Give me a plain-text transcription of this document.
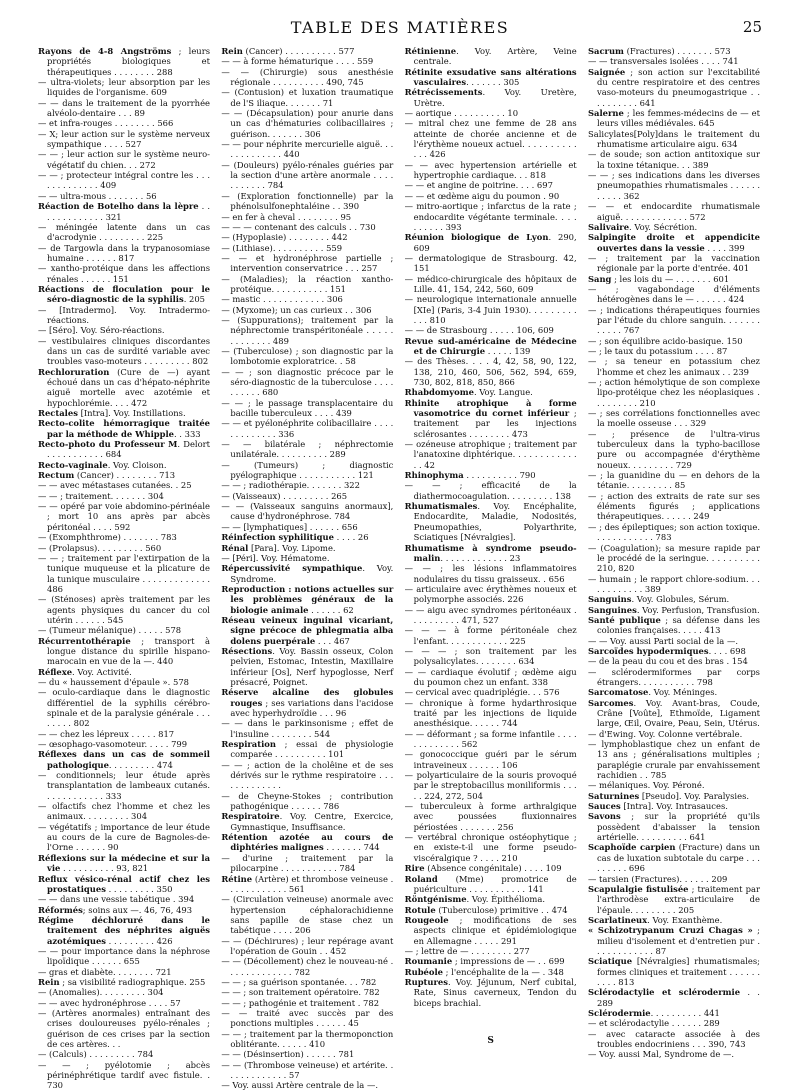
TABLE DES MATIÈRES	25

Rayons de 4-8 Angströms ; leurs propriétés biologiques et thérapeutiques . . . . . . . . 288

— ultra-violets; leur absorption par les liquides de l'organisme. 609

— — dans le traitement de la pyorrhée alvéolo-dentaire . . . 89

— et infra-rouges . . . . . . . . 566

— X; leur action sur le système nerveux sympathique . . . . 527

— — ; leur action sur le système neuro-végétatif du chien. . . 272

— — ; protecteur intégral contre les . . . . . . . . . . . . . 409

— — ultra-mous . . . . . . . 56

Réaction de Botelho dans la lèpre . . . . . . . . . . . . . 321

— méningée latente dans un cas d'acrodynie . . . . . . . . . 225

— de Targowla dans la trypanosomiase humaine . . . . . . 817

— xantho-protéique dans les affections rénales . . . . . . 151

Réactions de floculation pour le séro-diagnostic de la syphilis. 205

— [Intradermo]. Voy. Intradermo-réactions.

— [Séro]. Voy. Séro-réactions.

— vestibulaires cliniques discordantes dans un cas de surdité variable avec troubles vaso-moteurs . . . . . . . . . 802

Rechloruration (Cure de —) ayant échoué dans un cas d'hépato-néphrite aiguë mortelle avec azotémie et hypochlorémie. . . . 472

Rectales [Intra]. Voy. Instillations.

Recto-colite hémorragique traitée par la méthode de Whipple. . 333

Recto-photo du Professeur M. Delort . . . . . . . . . . . 684

Recto-vaginale. Voy. Cloison.

Rectum (Cancer) . . . . . . . . 713

— — avec métastases cutanées. . 25

— — ; traitement. . . . . . . 304

— — opéré par voie abdomino-périnéale ; mort 10 ans après par abcès péritonéal . . . . 592

— (Exomphthrome) . . . . . . . 783

— (Prolapsus). . . . . . . . . 560

— — ; traitement par l'extirpation de la tunique muqueuse et la plicature de la tunique musculaire . . . . . . . . . . . . . 486

— (Sténoses) après traitement par les agents physiques du cancer du col utérin . . . . . . 545

— (Tumeur mélanique) . . . . . 578

Récurrentothérapie ; transport à longue distance du spirille hispano-marocain en vue de la —. 440

Réflexe. Voy. Activité.

— du « haussement d'épaule ». 578

— oculo-cardiaque dans le diagnostic différentiel de la syphilis cérébro-spinale et de la paralysie générale . . . . . . . . 802

— — chez les lépreux . . . . . 817

— œsophago-vasomoteur. . . . . 799

Réflexes dans un cas de sommeil pathologique. . . . . . . . . 474

— conditionnels; leur étude après transplantation de lambeaux cutanés. . . . . . . . . . . . 333

— olfactifs chez l'homme et chez les animaux. . . . . . . . . 304

— végétatifs ; importance de leur étude au cours de la cure de Bagnoles-de-l'Orne . . . . . . 90

Réflexions sur la médecine et sur la vie . . . . . . . . . . 93, 821

Reflux vésico-rénal actif chez les prostatiques . . . . . . . . . 350

— — dans une vessie tabétique . 394

Réformés; soins aux —. 46, 76, 493

Régime déchloruré dans le traitement des néphrites aiguës azotémiques . . . . . . . . . 426

— — pour importance dans la néphrose lipoïdique . . . . . . 655

— gras et diabète. . . . . . . . 721

Rein ; sa visibilité radiographique. 255

— (Anomalies). . . . . . . . . 304

— — avec hydronéphrose . . . . 57

— (Artères anormales) entraînant des crises douloureuses pyélo-rénales ; guérison de ces crises par la section de ces artères. . .

— (Calculs) . . . . . . . . . 784

— — ; pyélotomie ; abcès périnéphrétique tardif avec fistule. . 730

Rein (Cancer) . . . . . . . . . . 577

— — à forme hématurique . . . . 559

— — (Chirurgie) sous anesthésie régionale . . . . . . . . . . 490, 745

— (Contusion) et luxation traumatique de l'S iliaque. . . . . . . 71

— — (Décapsulation) pour anurie dans un cas d'hématuries colibacillaires ; guérison. . . . . . . 306

— — pour néphrite mercurielle aiguë. . . . . . . . . . . . . 440

— (Douleurs) pyélo-rénales guéries par la section d'une artère anormale . . . . . . . . . . . 784

— (Exploration fonctionnelle) par la phénolsulfonephtaléine . . 390

— en fer à cheval . . . . . . . . 95

— — — contenant des calculs . . 730

— (Hypoplasie) . . . . . . . . 442

— (Lithiase). . . . . . . . . . 559

— — et hydronéphrose partielle ; intervention conservatrice . . . 257

— (Maladies); la réaction xantho-protéique. . . . . . . . . . . 151

— mastic . . . . . . . . . . . . 306

— (Myxome); un cas curieux . . 306

— (Suppurations); traitement par la néphrectomie transpéritonéale . . . . . . . . . . . . . 489

— (Tuberculose) ; son diagnostic par la lombotomie exploratrice. . 58

— — ; son diagnostic précoce par le séro-diagnostic de la tuberculose . . . . . . . . . . 680

— — ; le passage transplacentaire du bacille tuberculeux . . . . 439

— — et pyélonéphrite colibacillaire . . . . . . . . . . . . . 336

— — bilatérale ; néphrectomie unilatérale. . . . . . . . . . 289

— (Tumeurs) ; diagnostic pyélographique . . . . . . . . . . . 121

— — ; radiothérapie. . . . . . . 322

— (Vaisseaux) . . . . . . . . . 265

— — (Vaisseaux sanguins anormaux], cause d'hydronéphrose. 784

— — [lymphatiques] . . . . . . 656

Réinfection syphilitique . . . . 26

Rénal [Para]. Voy. Lipome.

— [Péri]. Voy. Hématome.

Répercussivité sympathique. Voy. Syndrome.

Reproduction : notions actuelles sur les problèmes généraux de la biologie animale . . . . . . 62

Réseau veineux inguinal vicariant, signe précoce de phlegmatia alba dolens puerpérale . . . 467

Résections. Voy. Bassin osseux, Colon pelvien, Estomac, Intestin, Maxillaire inférieur [Os], Nerf hypoglosse, Nerf présacré, Poignet.

Réserve alcaline des globules rouges ; ses variations dans l'acidose avec hyperhydroïdie . . . 96

— — dans le parkinsonisme ; effet de l'insuline . . . . . . . . 544

Respiration ; essai de physiologie comparée . . . . . . . . . . 101

— — ; action de la cholêine et de ses dérivés sur le rythme respiratoire . . . . . . . . . . . . .

— de Cheyne-Stokes ; contribution pathogénique . . . . . . 786

Respiratoire. Voy. Centre, Exercice, Gymnastique, Insuffisance.

Rétention azotée au cours de diphtéries malignes . . . . . . . 744

— d'urine ; traitement par la pilocarpine . . . . . . . . . . . 784

Rétine (Artère) et thrombose veineuse . . . . . . . . . . . . 561

— (Circulation veineuse) anormale avec hypertension céphalorachidienne sans papille de stase chez un tabétique . . . . 206

— — (Déchirures) ; leur repérage avant l'opération de Gouin . . 452

— — (Décollement) chez le nouveau-né . . . . . . . . . . . . . 782

— — ; sa guérison spontanée. . . 782

— — ; son traitement opératoire. 782

— — ; pathogénie et traitement . 782

— — traité avec succès par des ponctions multiples . . . . . . 45

— — ; traitement par la thermoponction oblitérante. . . . . . 410

— — (Désinsertion) . . . . . . 781

— — (Thrombose veineuse) et artérite. . . . . . . . . . . . . 57

— Voy. aussi Artère centrale de la —.

Rétinienne. Voy. Artère, Veine centrale.

Rétinite exsudative sans altérations vasculaires. . . . . . . 305

Rétrécissements. Voy. Uretère, Urètre.

— aortique . . . . . . . . . . 10

— mitral chez une femme de 28 ans atteinte de chorée ancienne et de l'érythème noueux actuel. . . . . . . . . . . . . 426

— — avec hypertension artérielle et hypertrophie cardiaque. . . 818

— — et angine de poitrine. . . . 697

— — et œdème aigu du poumon . 90

— mitro-aortique ; infarctus de la rate ; endocardite végétante terminale. . . . . . . . . . 393

Réunion biologique de Lyon. 290, 609

— dermatologique de Strasbourg. 42, 151

— médico-chirurgicale des hôpitaux de Lille. 41, 154, 242, 560, 609

— neurologique internationale annuelle [XIe] (Paris, 3-4 Juin 1930). . . . . . . . . . . . 810

— — de Strasbourg . . . . . 106, 609

Revue sud-américaine de Médecine et de Chirurgie . . . . . 139

— des Thèses. . . . 4, 42, 58, 90, 122, 138, 210, 460, 506, 562, 594, 659, 730, 802, 818, 850, 866

Rhabdomyome. Voy. Langue.

Rhinite atrophique à forme vasomotrice du cornet inférieur ; traitement par les injections sclérosantes . . . . . . . . 473

— ozéneuse atrophique ; traitement par l'anatoxine diphtérique. . . . . . . . . . . . . . 42

Rhinophyma . . . . . . . . . . 790

— — ; efficacité de la diathermocoagulation. . . . . . . . . 138

Rhumatismales. Voy. Encéphalite, Endocardite, Maladie, Nodosités, Pneumopathies, Polyarthrite, Sciatiques [Névralgies].

Rhumatisme à syndrome pseudo-malin. . . . . . . . . . . . . 23

— — ; les lésions inflammatoires nodulaires du tissu graisseux. . 656

— articulaire avec érythèmes noueux et polymorphe associés. 226

— — aigu avec syndromes péritonéaux . . . . . . . . . . 471, 527

— — — à forme péritonéale chez l'enfant. . . . . . . . . . . . 225

— — — ; son traitement par les polysalicylates. . . . . . . . 634

— — cardiaque évolutif ; œdème aigu du poumon chez un enfant. 338

— cervical avec quadriplégie. . . 576

— chronique à forme hydarthrosique traité par les injections de liquide anesthésique. . . . . . 744

— — déformant ; sa forme infantile . . . . . . . . . . . . . 562

— gonococcique guéri par le sérum intraveineux . . . . . . 106

— polyarticulaire de la souris provoqué par le streptobacillus moniliformis . . . . . 224, 272, 504

— tuberculeux à forme arthralgique avec poussées fluxionnaires périostées . . . . . . . 256

— vertébral chronique ostéophytique ; en existe-t-il une forme pseudo-viscéralgique ? . . . . 210

Rire (Absence congénitale) . . . . 109

Roland (Mme) promotrice de puériculture . . . . . . . . . . . 141

Röntgénisme. Voy. Épithélioma.

Rotule (Tuberculose) primitive . . 474

Rougeole ; modifications de ses aspects clinique et épidémiologique en Allemagne . . . . . 291

— ; lettre de — . . . . . . . . 277

Roumanie ; impressions de — . . 699

Rubéole ; l'encéphalite de la — . 348

Ruptures. Voy. Jéjunum, Nerf cubital, Rate, Sinus caverneux, Tendon du biceps brachial.

S

Sacrum (Fractures) . . . . . . . 573

— — transversales isolées . . . . 741

Saignée ; son action sur l'excitabilité du centre respiratoire et des centres vaso-moteurs du pneumogastrique . . . . . . . . . . 641

Salerne ; les femmes-médecins de — et leurs villes médiévales. 645

Salicylates[Poly]dans le traitement du rhumatisme articulaire aigu. 634

— de soude; son action antitoxique sur la toxine tétanique. . . 389

— — ; ses indications dans les diverses pneumopathies rhumatismales . . . . . . . . . . . 362

— — et endocardite rhumatismale aiguë. . . . . . . . . . . . . 572

Salivaire. Voy. Sécrétion.

Salpingite droite et appendicite ouvertes dans la vessie . . . . 399

— ; traitement par la vaccination régionale par la porte d'entrée. 401

Sang ; les lois du — . . . . . . . 601

— ; vagabondage d'éléments hétérogènes dans le — . . . . . . 424

— ; indications thérapeutiques fournies par l'étude du chlore sanguin. . . . . . . . . . . . 767

— ; son équilibre acido-basique. 150

— ; le taux du potassium . . . . 87

— ; sa teneur en potassium chez l'homme et chez les animaux . . 239

— ; action hémolytique de son complexe lipo-protéique chez les néoplasiques . . . . . . . . . 210

— ; ses corrélations fonctionnelles avec la moelle osseuse . . . 329

— ; présence de l'ultra-virus tuberculeux dans la typho-bacillose pure ou accompagnée d'érythème noueux. . . . . . . . . 729

— ; la guanidine du — en dehors de la tétanie. . . . . . . . . 85

— ; action des extraits de rate sur ses éléments figurés ; applications thérapeutiques. . . . . . 249

— ; des épileptiques; son action toxique. . . . . . . . . . . . 783

— (Coagulation); sa mesure rapide par le procédé de la seringue. . . . . . . . . . 210, 820

— humain ; le rapport chlore-sodium. . . . . . . . . . . . 389

Sanguins. Voy. Globules, Sérum.

Sanguines. Voy. Perfusion, Transfusion.

Santé publique ; sa défense dans les colonies françaises. . . . . 413

— — Voy. aussi Parti social de la —.

Sarcoïdes hypodermiques. . . . 698

— de la peau du cou et des bras . 154

— sclérodermiformes par corps étrangers. . . . . . . . . . . 798

Sarcomatose. Voy. Méninges.

Sarcomes. Voy. Avant-bras, Coude, Crâne [Voûte], Ethmoïde, Ligament large, Œil, Ovaire, Peau, Sein, Utérus.

— d'Ewing. Voy. Colonne vertébrale.

— lymphoblastique chez un enfant de 13 ans ; généralisations multiples ; paraplégie crurale par envahissement rachidien . . 785

— mélaniques. Voy. Péroné.

Saturnines [Pseudo]. Voy. Paralysies.

Sauces [Intra]. Voy. Intrasauces.

Savons ; sur la propriété qu'ils possèdent d'abaisser la tension artérielle. . . . . . . . . . 641

Scaphoïde carpien (Fracture) dans un cas de luxation subtotale du carpe . . . . . . . . . 696

— tarsien (Fractures). . . . . . 209

Scapulalgie fistulisée ; traitement par l'arthrodèse extra-articulaire de l'épaule. . . . . . . . . 205

Scarlatineux. Voy. Exanthème.

« Schizotrypanum Cruzi Chagas » ; milieu d'isolement et d'entretien pur . . . . . . . . . . . . 87

Sciatique [Névralgies] rhumatismales; formes cliniques et traitement . . . . . . . . . . 813

Sclérodactylie et sclérodermie . . 289

Sclérodermie. . . . . . . . . . 441

— et sclérodactylie . . . . . . 289

— avec cataracte associée à des troubles endocriniens . . . 390, 743

— Voy. aussi Mal, Syndrome de —.
